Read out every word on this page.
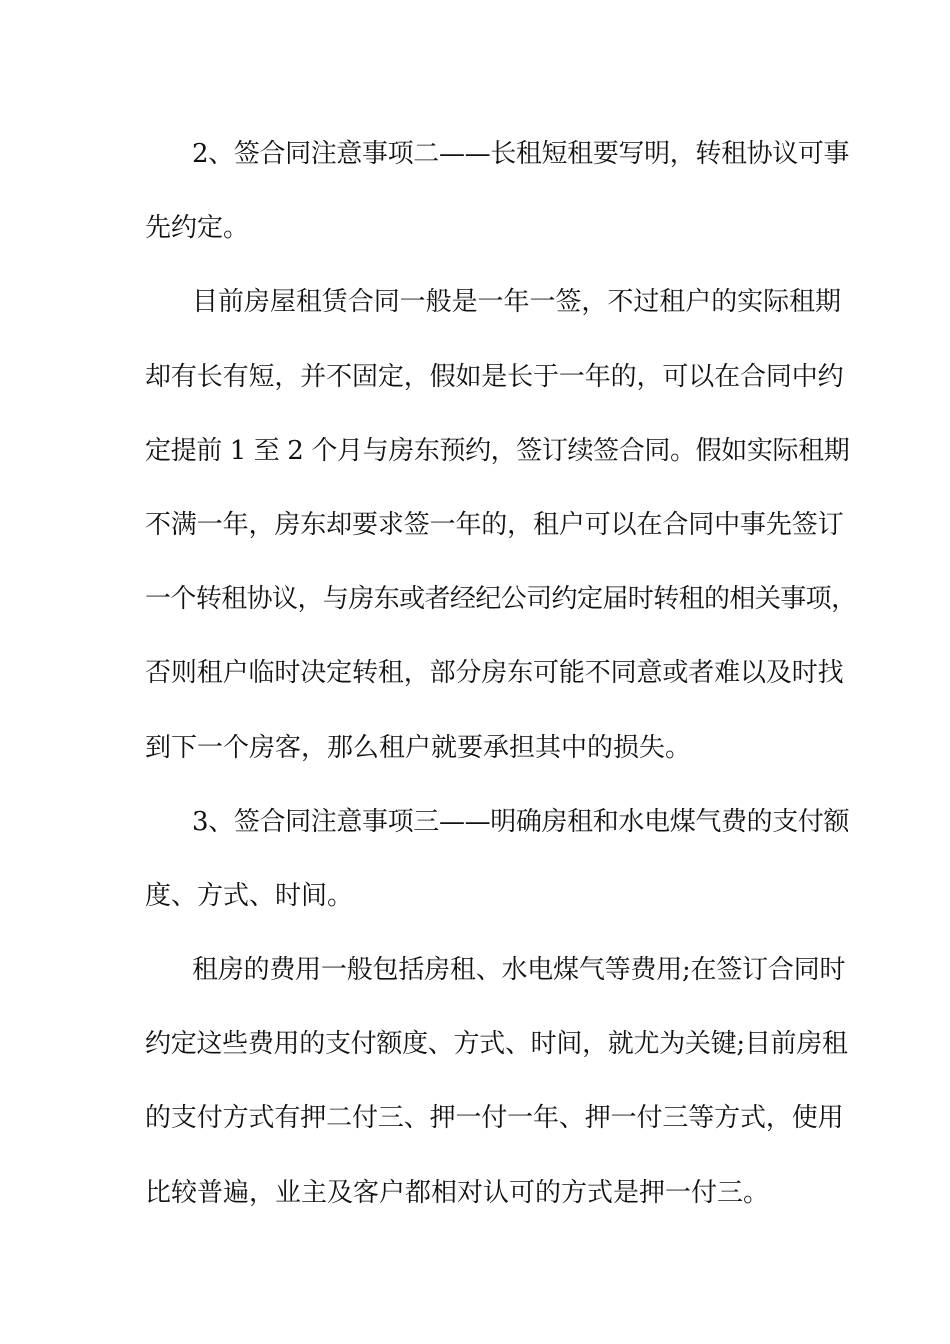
2、签合同注意事项二——长租短租要写明，转租协议可事
先约定。
目前房屋租赁合同一般是一年一签，不过租户的实际租期
却有长有短，并不固定，假如是长于一年的，可以在合同中约
定提前 1 至 2 个月与房东预约，签订续签合同。假如实际租期
不满一年，房东却要求签一年的，租户可以在合同中事先签订
一个转租协议，与房东或者经纪公司约定届时转租的相关事项，
否则租户临时决定转租，部分房东可能不同意或者难以及时找
到下一个房客，那么租户就要承担其中的损失。
3、签合同注意事项三——明确房租和水电煤气费的支付额
度、方式、时间。
租房的费用一般包括房租、水电煤气等费用;在签订合同时
约定这些费用的支付额度、方式、时间，就尤为关键;目前房租
的支付方式有押二付三、押一付一年、押一付三等方式，使用
比较普遍，业主及客户都相对认可的方式是押一付三。
